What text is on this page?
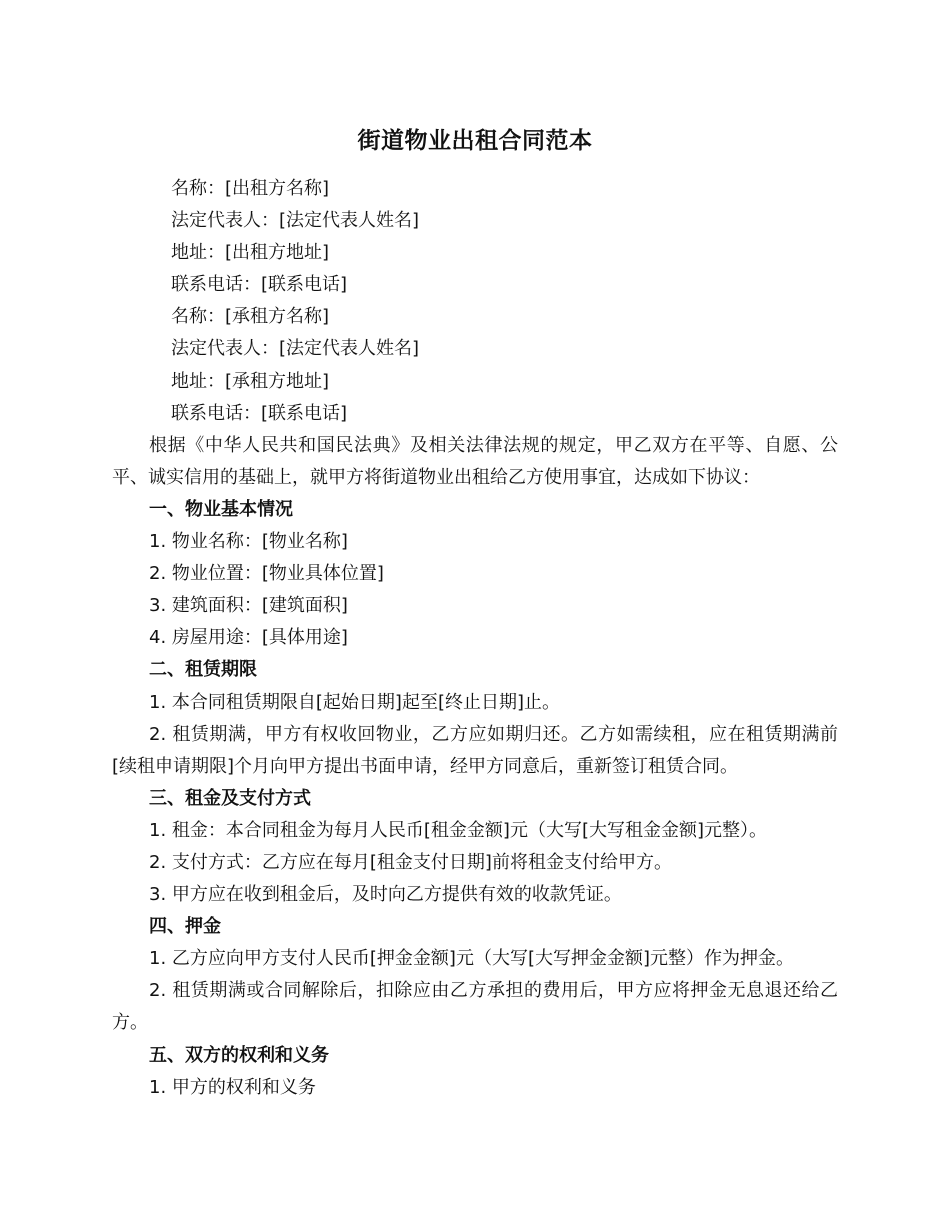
街道物业出租合同范本

名称：[出租方名称]

法定代表人：[法定代表人姓名]

地址：[出租方地址]

联系电话：[联系电话]

名称：[承租方名称]

法定代表人：[法定代表人姓名]

地址：[承租方地址]

联系电话：[联系电话]

根据《中华人民共和国民法典》及相关法律法规的规定，甲乙双方在平等、自愿、公平、诚实信用的基础上，就甲方将街道物业出租给乙方使用事宜，达成如下协议：

一、物业基本情况

1. 物业名称：[物业名称]

2. 物业位置：[物业具体位置]

3. 建筑面积：[建筑面积]

4. 房屋用途：[具体用途]

二、租赁期限

1. 本合同租赁期限自[起始日期]起至[终止日期]止。

2. 租赁期满，甲方有权收回物业，乙方应如期归还。乙方如需续租，应在租赁期满前[续租申请期限]个月向甲方提出书面申请，经甲方同意后，重新签订租赁合同。

三、租金及支付方式

1. 租金：本合同租金为每月人民币[租金金额]元（大写[大写租金金额]元整）。

2. 支付方式：乙方应在每月[租金支付日期]前将租金支付给甲方。

3. 甲方应在收到租金后，及时向乙方提供有效的收款凭证。

四、押金

1. 乙方应向甲方支付人民币[押金金额]元（大写[大写押金金额]元整）作为押金。

2. 租赁期满或合同解除后，扣除应由乙方承担的费用后，甲方应将押金无息退还给乙方。

五、双方的权利和义务

1. 甲方的权利和义务
